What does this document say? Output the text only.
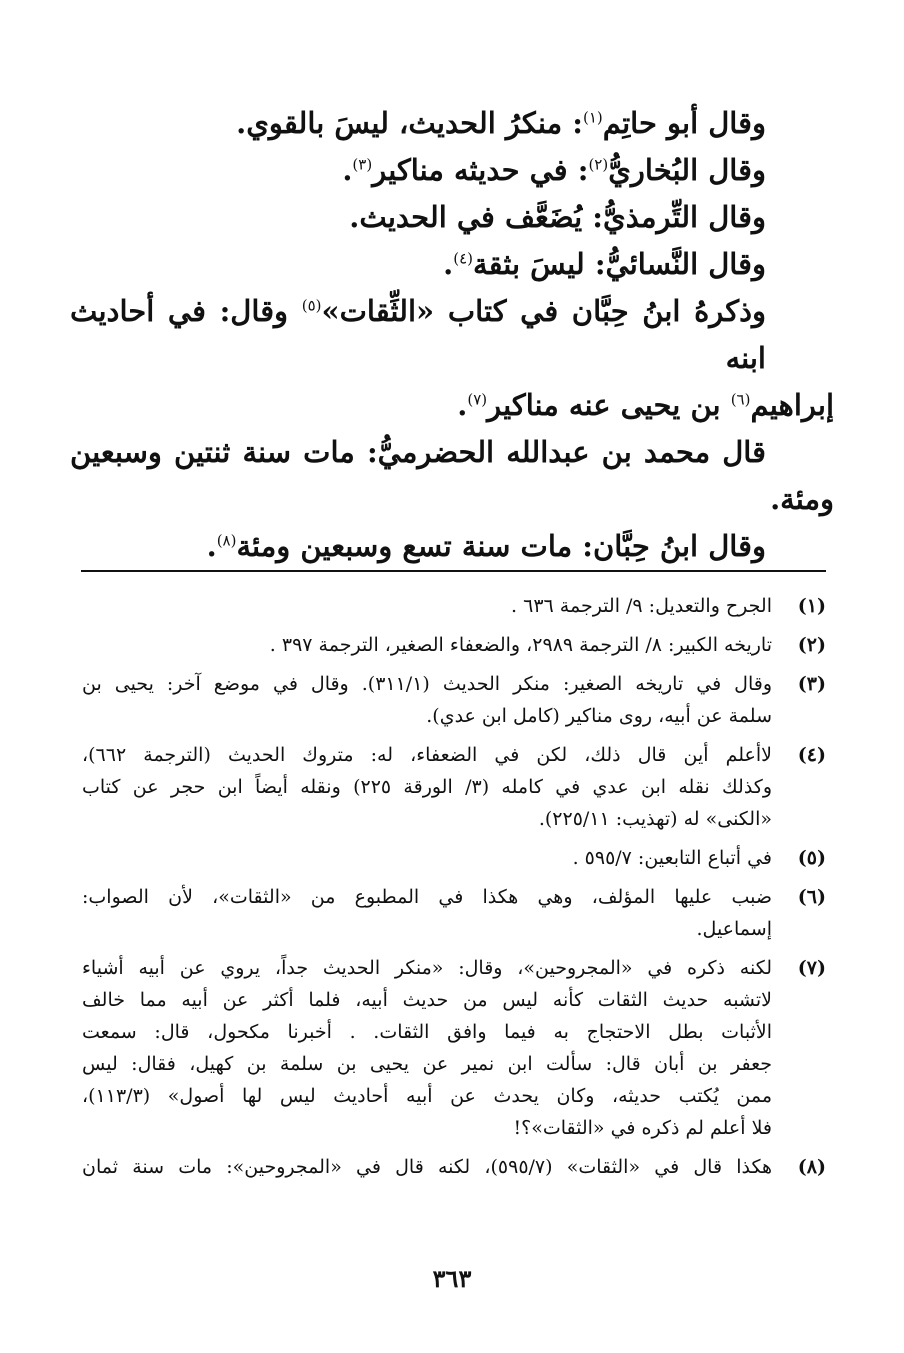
وقال أبو حاتِم$^{(١)}$: منكرُ الحديث، ليسَ بالقوي.
وقال البُخاريُّ$^{(٢)}$: في حديثه مناكير$^{(٣)}$.
وقال التِّرمذيُّ: يُضَعَّف في الحديث.
وقال النَّسائيُّ: ليسَ بثقة$^{(٤)}$.
وذكرهُ ابنُ حِبَّان في كتاب «الثِّقات»$^{(٥)}$ وقال: في أحاديث ابنه
إبراهيم$^{(٦)}$ بن يحيى عنه مناكير$^{(٧)}$.
قال محمد بن عبدالله الحضرميُّ: مات سنة ثنتين وسبعين
ومئة.
وقال ابنُ حِبَّان: مات سنة تسع وسبعين ومئة$^{(٨)}$.
(١)
الجرح والتعديل: ٩/ الترجمة ٦٣٦ .
(٢)
تاريخه الكبير: ٨/ الترجمة ٢٩٨٩، والضعفاء الصغير، الترجمة ٣٩٧ .
(٣)
وقال في تاريخه الصغير: منكر الحديث (٣١١/١). وقال في موضع آخر: يحيى بن
سلمة عن أبيه، روى مناكير (كامل ابن عدي).
(٤)
لاأعلم أين قال ذلك، لكن في الضعفاء، له: متروك الحديث (الترجمة ٦٦٢)،
وكذلك نقله ابن عدي في كامله (٣/ الورقة ٢٢٥) ونقله أيضاً ابن حجر عن كتاب
«الكنى» له (تهذيب: ٢٢٥/١١).
(٥)
في أتباع التابعين: ٥٩٥/٧ .
(٦)
ضبب عليها المؤلف، وهي هكذا في المطبوع من «الثقات»، لأن الصواب:
إسماعيل.
(٧)
لكنه ذكره في «المجروحين»، وقال: «منكر الحديث جداً، يروي عن أبيه أشياء
لاتشبه حديث الثقات كأنه ليس من حديث أبيه، فلما أكثر عن أبيه مما خالف
الأثبات بطل الاحتجاج به فيما وافق الثقات. . أخبرنا مكحول، قال: سمعت
جعفر بن أبان قال: سألت ابن نمير عن يحيى بن سلمة بن كهيل، فقال: ليس
ممن يُكتب حديثه، وكان يحدث عن أبيه أحاديث ليس لها أصول» (١١٣/٣)،
فلا أعلم لم ذكره في «الثقات»؟!
(٨)
هكذا قال في «الثقات» (٥٩٥/٧)، لكنه قال في «المجروحين»: مات سنة ثمان
٣٦٣
